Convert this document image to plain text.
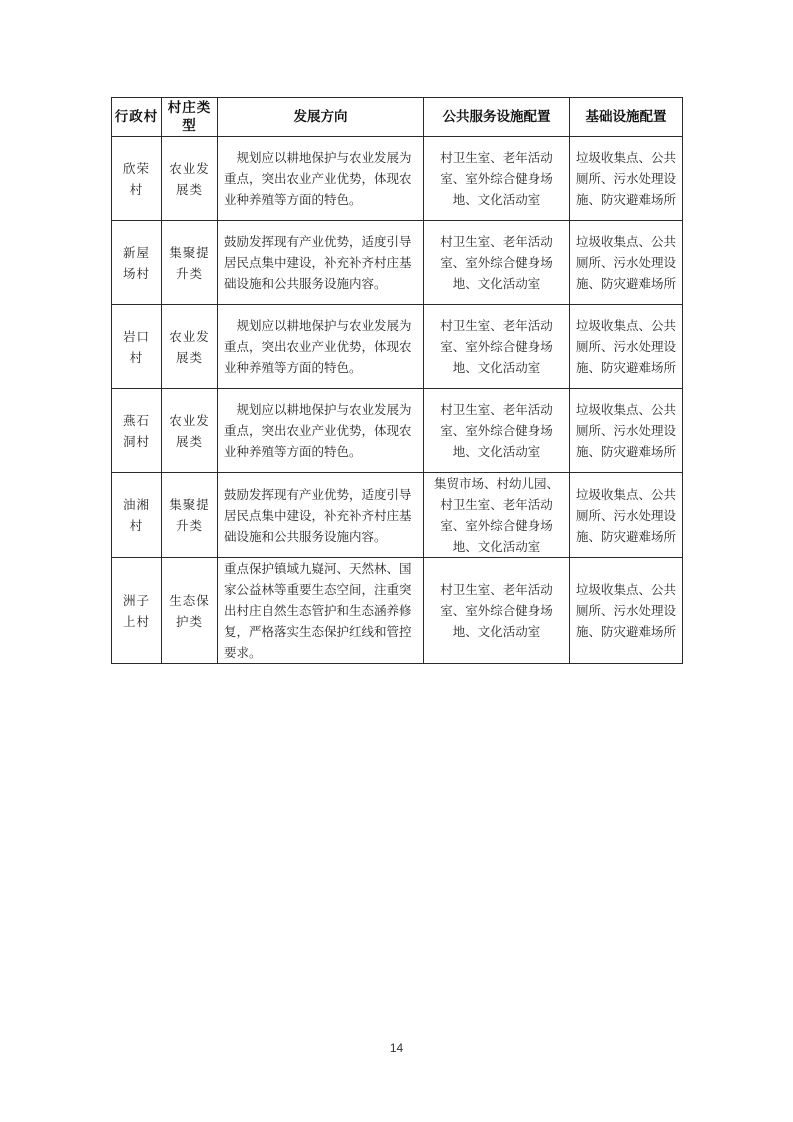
行政村	村庄类型	发展方向	公共服务设施配置	基础设施配置
欣荣村	农业发展类	规划应以耕地保护与农业发展为重点，突出农业产业优势，体现农业种养殖等方面的特色。	村卫生室、老年活动室、室外综合健身场地、文化活动室	垃圾收集点、公共厕所、污水处理设施、防灾避难场所
新屋场村	集聚提升类	鼓励发挥现有产业优势，适度引导居民点集中建设，补充补齐村庄基础设施和公共服务设施内容。	村卫生室、老年活动室、室外综合健身场地、文化活动室	垃圾收集点、公共厕所、污水处理设施、防灾避难场所
岩口村	农业发展类	规划应以耕地保护与农业发展为重点，突出农业产业优势，体现农业种养殖等方面的特色。	村卫生室、老年活动室、室外综合健身场地、文化活动室	垃圾收集点、公共厕所、污水处理设施、防灾避难场所
燕石洞村	农业发展类	规划应以耕地保护与农业发展为重点，突出农业产业优势，体现农业种养殖等方面的特色。	村卫生室、老年活动室、室外综合健身场地、文化活动室	垃圾收集点、公共厕所、污水处理设施、防灾避难场所
油湘村	集聚提升类	鼓励发挥现有产业优势，适度引导居民点集中建设，补充补齐村庄基础设施和公共服务设施内容。	集贸市场、村幼儿园、村卫生室、老年活动室、室外综合健身场地、文化活动室	垃圾收集点、公共厕所、污水处理设施、防灾避难场所
洲子上村	生态保护类	重点保护镇域九嶷河、天然林、国家公益林等重要生态空间，注重突出村庄自然生态管护和生态涵养修复，严格落实生态保护红线和管控要求。	村卫生室、老年活动室、室外综合健身场地、文化活动室	垃圾收集点、公共厕所、污水处理设施、防灾避难场所
14
